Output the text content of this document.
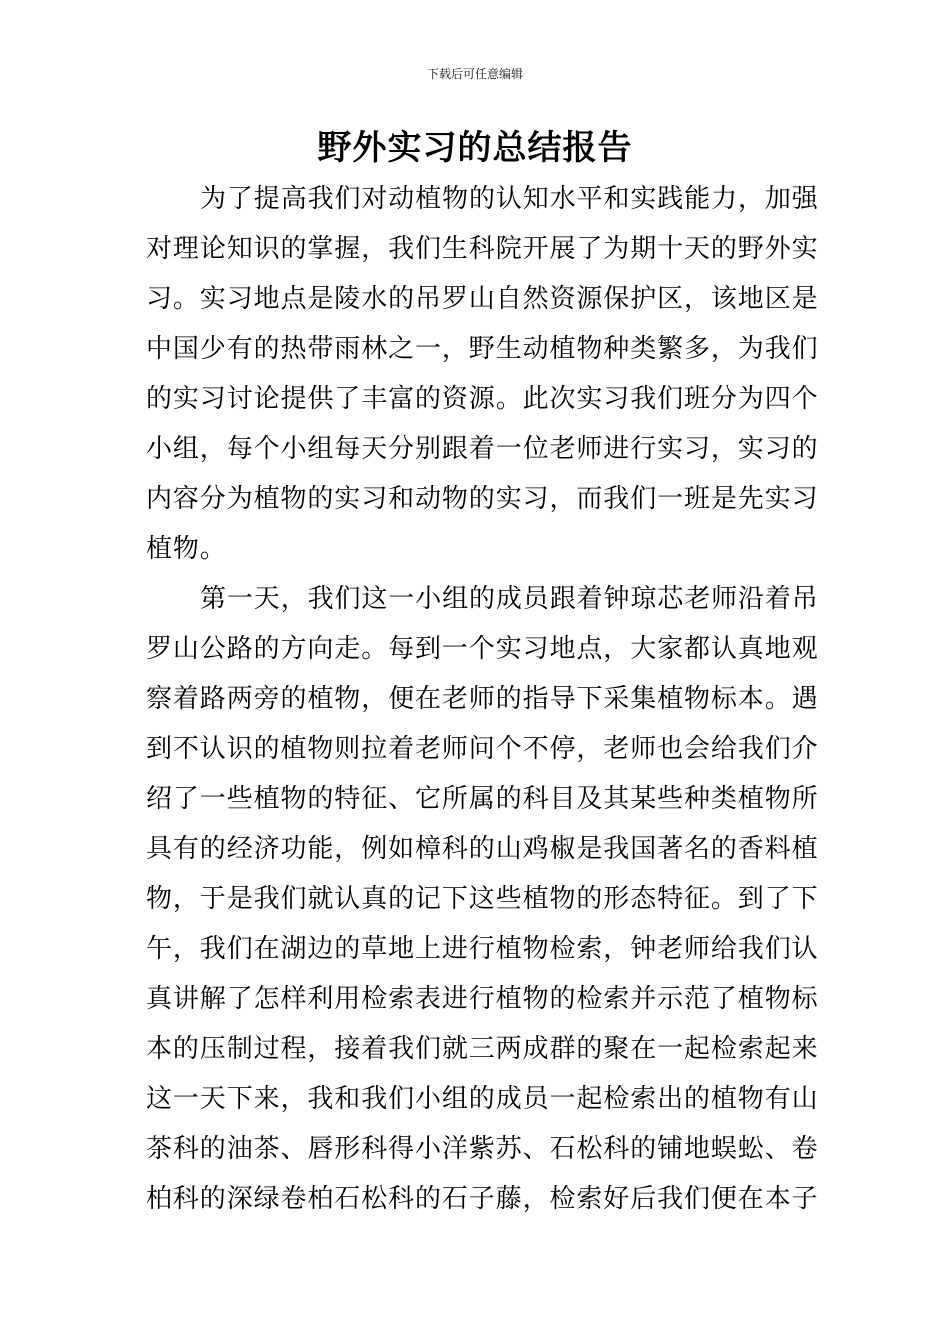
下载后可任意编辑
野外实习的总结报告
为了提高我们对动植物的认知水平和实践能力，加强
对理论知识的掌握，我们生科院开展了为期十天的野外实
习。实习地点是陵水的吊罗山自然资源保护区，该地区是
中国少有的热带雨林之一，野生动植物种类繁多，为我们
的实习讨论提供了丰富的资源。此次实习我们班分为四个
小组，每个小组每天分别跟着一位老师进行实习，实习的
内容分为植物的实习和动物的实习，而我们一班是先实习
植物。
第一天，我们这一小组的成员跟着钟琼芯老师沿着吊
罗山公路的方向走。每到一个实习地点，大家都认真地观
察着路两旁的植物，便在老师的指导下采集植物标本。遇
到不认识的植物则拉着老师问个不停，老师也会给我们介
绍了一些植物的特征、它所属的科目及其某些种类植物所
具有的经济功能，例如樟科的山鸡椒是我国著名的香料植
物，于是我们就认真的记下这些植物的形态特征。到了下
午，我们在湖边的草地上进行植物检索，钟老师给我们认
真讲解了怎样利用检索表进行植物的检索并示范了植物标
本的压制过程，接着我们就三两成群的聚在一起检索起来
这一天下来，我和我们小组的成员一起检索出的植物有山
茶科的油茶、唇形科得小洋紫苏、石松科的铺地蜈蚣、卷
柏科的深绿卷柏石松科的石子藤，检索好后我们便在本子
